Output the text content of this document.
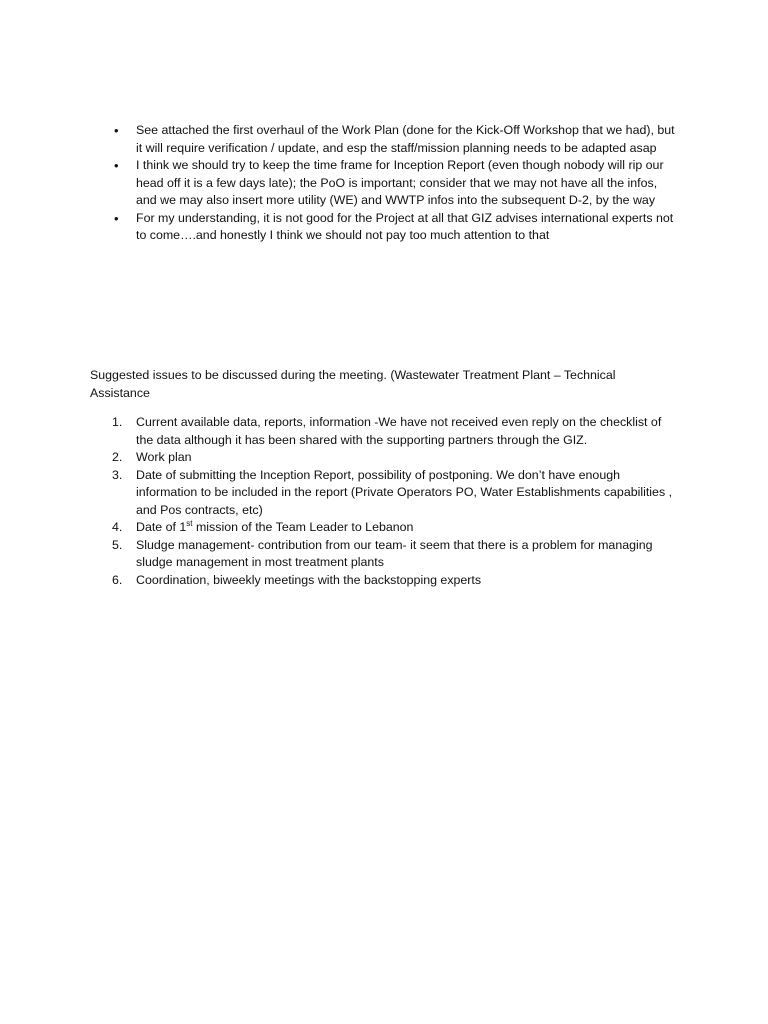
• See attached the first overhaul of the Work Plan (done for the Kick-Off Workshop that we had), but it will require verification / update, and esp the staff/mission planning needs to be adapted asap
• I think we should try to keep the time frame for Inception Report (even though nobody will rip our head off it is a few days late); the PoO is important; consider that we may not have all the infos, and we may also insert more utility (WE) and WWTP infos into the subsequent D-2, by the way
• For my understanding, it is not good for the Project at all that GIZ advises international experts not to come….and honestly I think we should not pay too much attention to that

Suggested issues to be discussed during the meeting. (Wastewater Treatment Plant – Technical Assistance

1. Current available data, reports, information -We have not received even reply on the checklist of the data although it has been shared with the supporting partners through the GIZ.
2. Work plan
3. Date of submitting the Inception Report, possibility of postponing. We don’t have enough information to be included in the report (Private Operators PO, Water Establishments capabilities , and Pos contracts, etc)
4. Date of 1st mission of the Team Leader to Lebanon
5. Sludge management- contribution from our team- it seem that there is a problem for managing sludge management in most treatment plants
6. Coordination, biweekly meetings with the backstopping experts
